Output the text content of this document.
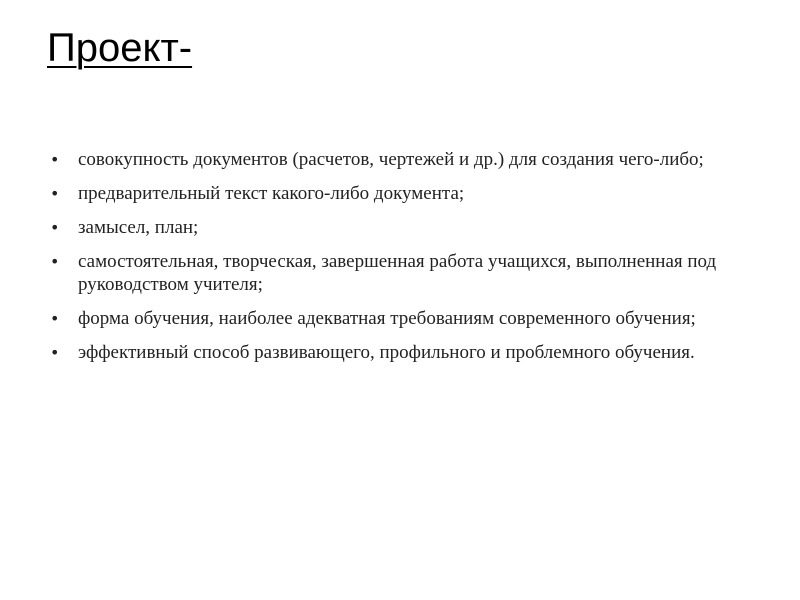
Проект-
• совокупность документов (расчетов, чертежей и др.) для создания чего-либо;
• предварительный текст какого-либо документа;
• замысел, план;
• самостоятельная, творческая, завершенная работа учащихся, выполненная под руководством учителя;
• форма обучения, наиболее адекватная требованиям современного обучения;
• эффективный способ развивающего, профильного и проблемного обучения.
